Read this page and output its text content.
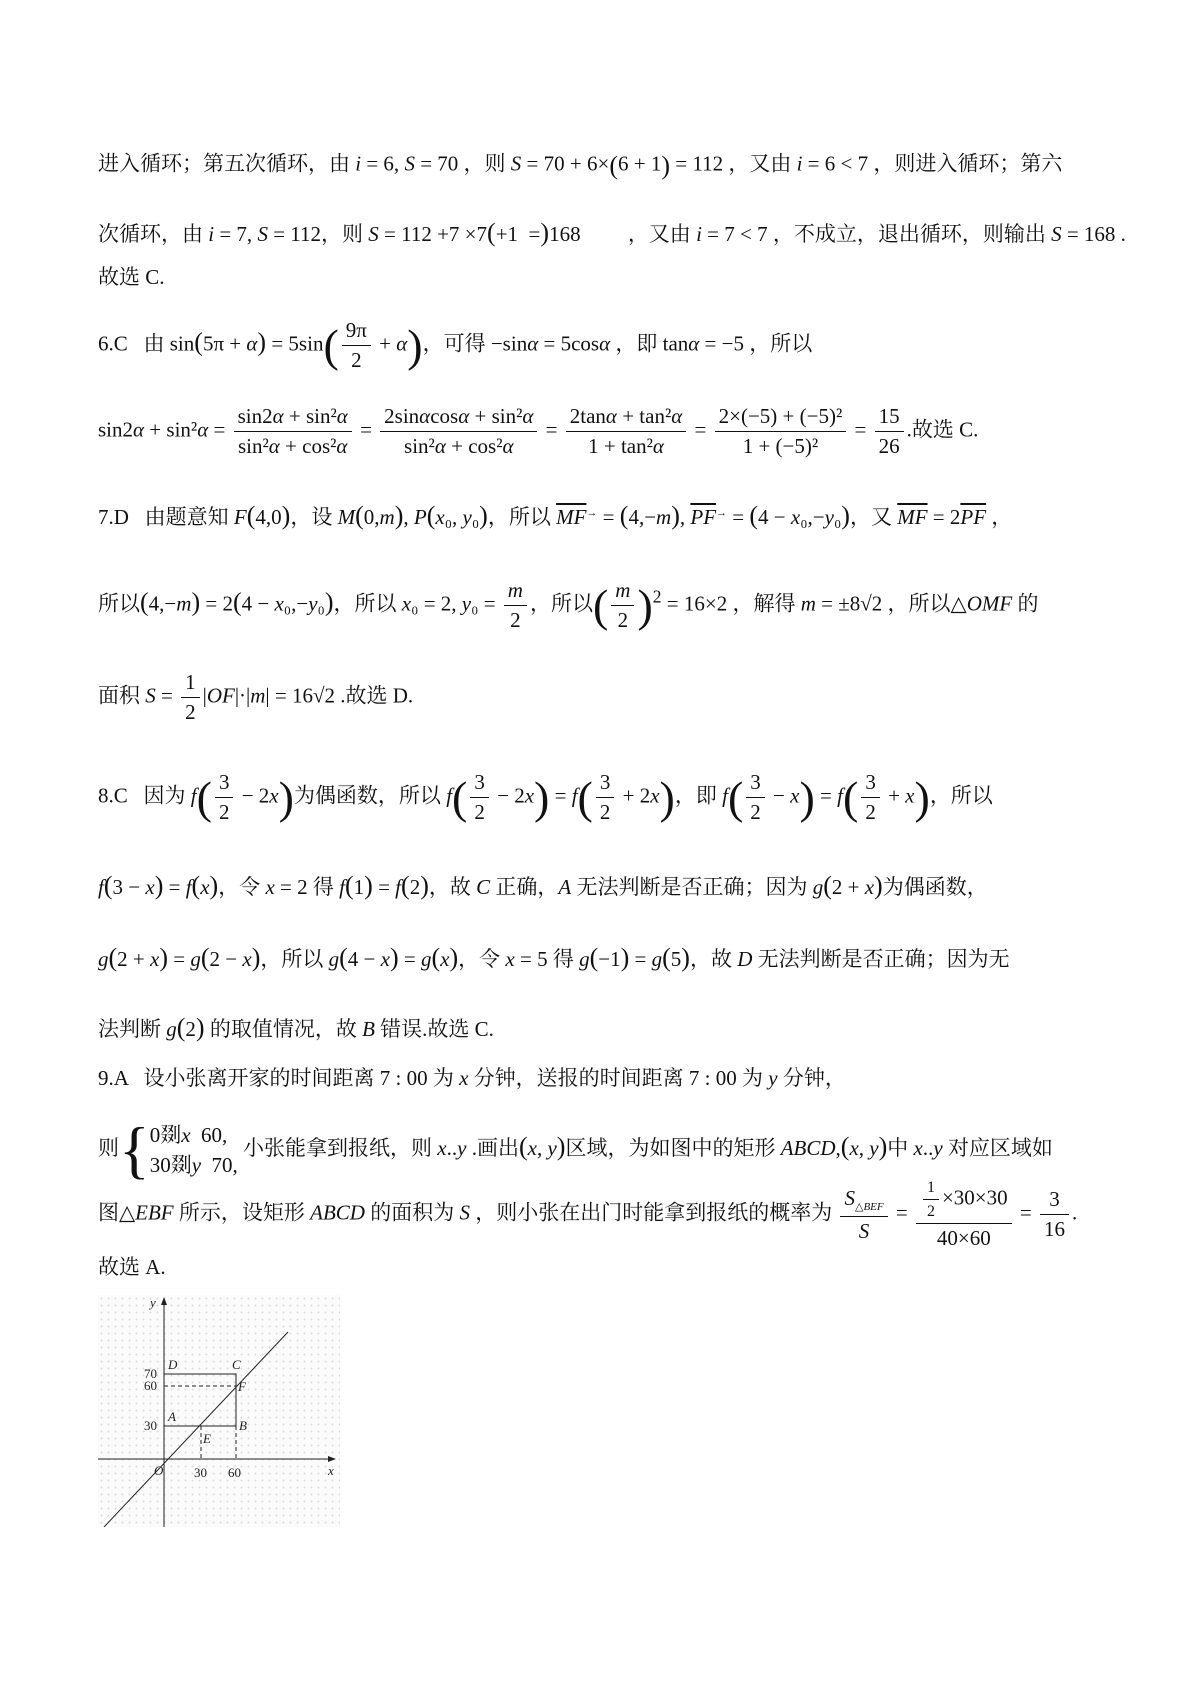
进入循环；第五次循环，由 i = 6, S = 70 ，则 S = 70 + 6×(6 + 1) = 112 ，又由 i = 6 < 7 ，则进入循环；第六
次循环，由 i = 7, S = 112，则 S = 112 +7 ×7(+1  =)168         ，又由 i = 7 < 7 ，不成立，退出循环，则输出 S = 168 .
故选 C.
6.C   由 $\sin(5\pi + \alpha) = 5\sin( \frac{9\pi}{2} + \alpha)$，可得 −sinα = 5cosα ，即 tanα = −5 ，所以
$\sin 2\alpha + \sin^2\alpha = \frac{\text{sin2α + sin²α}}{\text{sin²α + cos²α}} = \frac{\text{2sinαcosα + sin²α}}{\text{sin²α + cos²α}} = \frac{\text{2tanα + tan²α}}{\text{1 + tan²α}} = \frac{\text{2×(−5) + (−5)²}}{\text{1 + (−5)²}} = \frac{15}{26}$ .故选 C.
7.D   由题意知 F(4,0)，设 M(0,m), P(x₀, y₀)，所以 $\overline{MF}^\to = (4,-m)$, $\overline{PF}^\to = (4 - x_0,-y_0)$，又 $\overline{MF} = 2\overline{PF}$ ，
所以(4,−m) = 2(4 − x₀,−y₀)，所以 x₀ = 2, $y_0 = \frac{m}{2}$ ，所以( $\frac{m}{2} )^2 = 16\times 2$ ，解得 m = ±8√2 ，所以△OMF 的
面积 $S = \frac{1}{2} |OF|\cdot|m| = 16√2$ .故选 D.
8.C   因为 $f( \frac{3}{2} - 2x)$为偶函数，所以 $f( \frac{3}{2} - 2x) = f( \frac{3}{2} + 2x)$，即 $f( \frac{3}{2} - x) = f( \frac{3}{2} + x)$，所以
f(3 − x) = f(x)，令 x = 2 得 f(1) = f(2)，故 C 正确，A 无法判断是否正确；因为 g(2 + x)为偶函数，
g(2 + x) = g(2 − x)，所以 g(4 − x) = g(x)，令 x = 5 得 g(−1) = g(5)，故 D 无法判断是否正确；因为无
法判断 g(2) 的取值情况，故 B 错误.故选 C.
9.A   设小张离开家的时间距离 7 : 00 为 x 分钟，送报的时间距离 7 : 00 为 y 分钟，
则{0剟x  60,
30剟y  70, 小张能拿到报纸，则 x..y .画出(x, y)区域，为如图中的矩形 ABCD,(x, y)中 x..y 对应区域如
图△EBF 所示，设矩形 ABCD 的面积为 S ，则小张在出门时能拿到报纸的概率为 $\frac{S_{\triangle BEF}}{S} = \frac{\frac{1}{2} \times 30\times 30}{40\times 60} = \frac{3}{16}$ .
故选 A.
y
x
O 30 60
70
60
30
D	C
F
A
B
E
